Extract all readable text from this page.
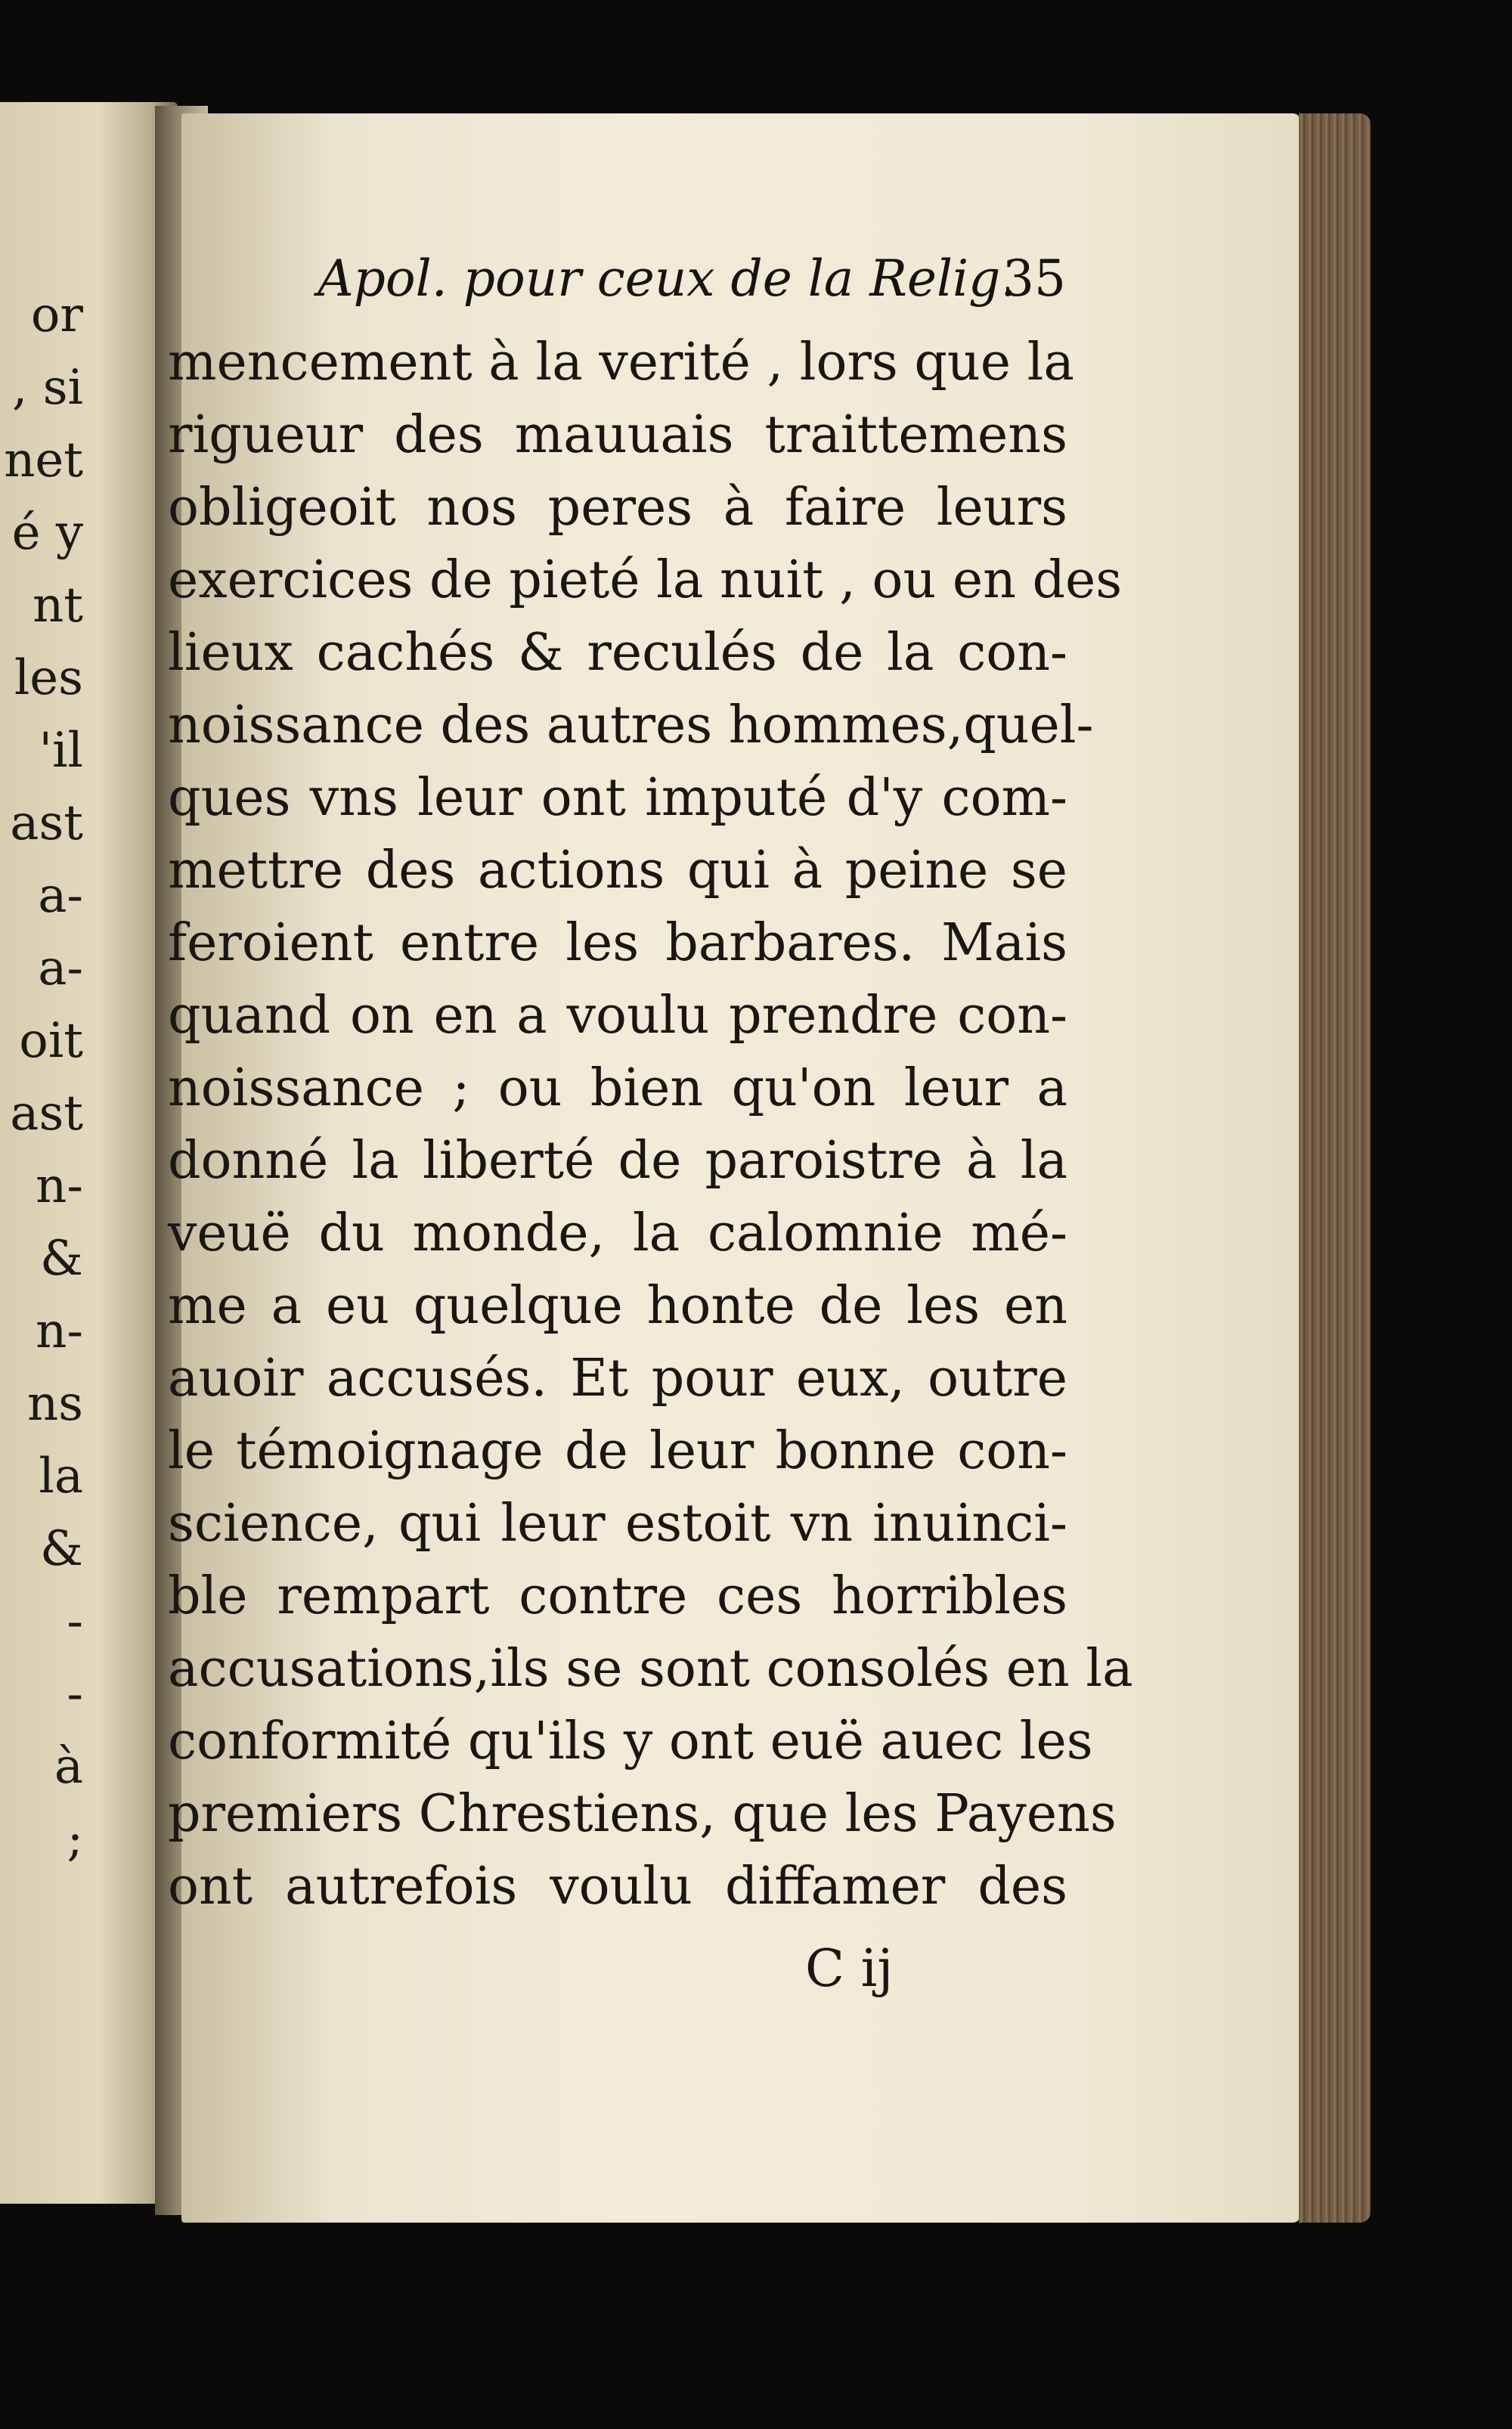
or
, si
net
é y
nt
les
'il
ast
a-
a-
oit
ast
n-
&
n-
ns
la
&
-
-
à
;
Apol. pour ceux de la Relig.
35
mencement à la verité , lors que la
rigueur des mauuais traittemens
obligeoit nos peres à faire leurs
exercices de pieté la nuit , ou en des
lieux cachés & reculés de la con-
noissance des autres hommes,quel-
ques vns leur ont imputé d'y com-
mettre des actions qui à peine se
feroient entre les barbares. Mais
quand on en a voulu prendre con-
noissance ; ou bien qu'on leur a
donné la liberté de paroistre à la
veuë du monde, la calomnie mé-
me a eu quelque honte de les en
auoir accusés. Et pour eux, outre
le témoignage de leur bonne con-
science, qui leur estoit vn inuinci-
ble rempart contre ces horribles
accusations,ils se sont consolés en la
conformité qu'ils y ont euë auec les
premiers Chrestiens, que les Payens
ont autrefois voulu diffamer des
C ij
